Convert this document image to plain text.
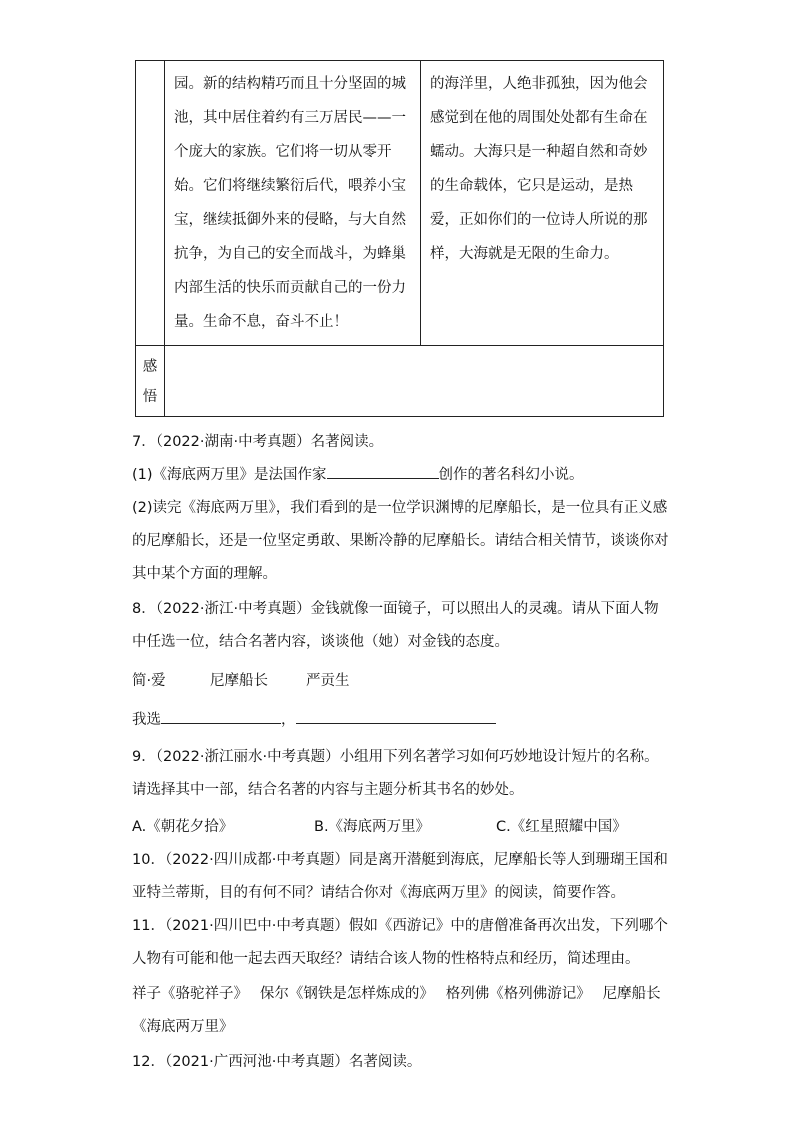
	园。新的结构精巧而且十分坚固的城池，其中居住着约有三万居民——一个庞大的家族。它们将一切从零开始。它们将继续繁衍后代，喂养小宝宝，继续抵御外来的侵略，与大自然抗争，为自己的安全而战斗，为蜂巢内部生活的快乐而贡献自己的一份力量。生命不息，奋斗不止！	的海洋里，人绝非孤独，因为他会感觉到在他的周围处处都有生命在蠕动。大海只是一种超自然和奇妙的生命载体，它只是运动，是热爱，正如你们的一位诗人所说的那样，大海就是无限的生命力。

感
悟		

7．（2022·湖南·中考真题）名著阅读。

(1)《海底两万里》是法国作家	创作的著名科幻小说。

(2)读完《海底两万里》，我们看到的是一位学识渊博的尼摩船长，是一位具有正义感的尼摩船长，还是一位坚定勇敢、果断冷静的尼摩船长。请结合相关情节，谈谈你对其中某个方面的理解。

8．（2022·浙江·中考真题）金钱就像一面镜子，可以照出人的灵魂。请从下面人物中任选一位，结合名著内容，谈谈他（她）对金钱的态度。

简·爱	尼摩船长	严贡生

我选	，

9．（2022·浙江丽水·中考真题）小组用下列名著学习如何巧妙地设计短片的名称。请选择其中一部，结合名著的内容与主题分析其书名的妙处。

A.《朝花夕拾》	B.《海底两万里》	C.《红星照耀中国》

10．（2022·四川成都·中考真题）同是离开潜艇到海底，尼摩船长等人到珊瑚王国和亚特兰蒂斯，目的有何不同？请结合你对《海底两万里》的阅读，简要作答。

11．（2021·四川巴中·中考真题）假如《西游记》中的唐僧准备再次出发，下列哪个人物有可能和他一起去西天取经？请结合该人物的性格特点和经历，简述理由。

祥子《骆驼祥子》　 保尔《钢铁是怎样炼成的》　 格列佛《格列佛游记》　 尼摩船长《海底两万里》

12．（2021·广西河池·中考真题）名著阅读。
